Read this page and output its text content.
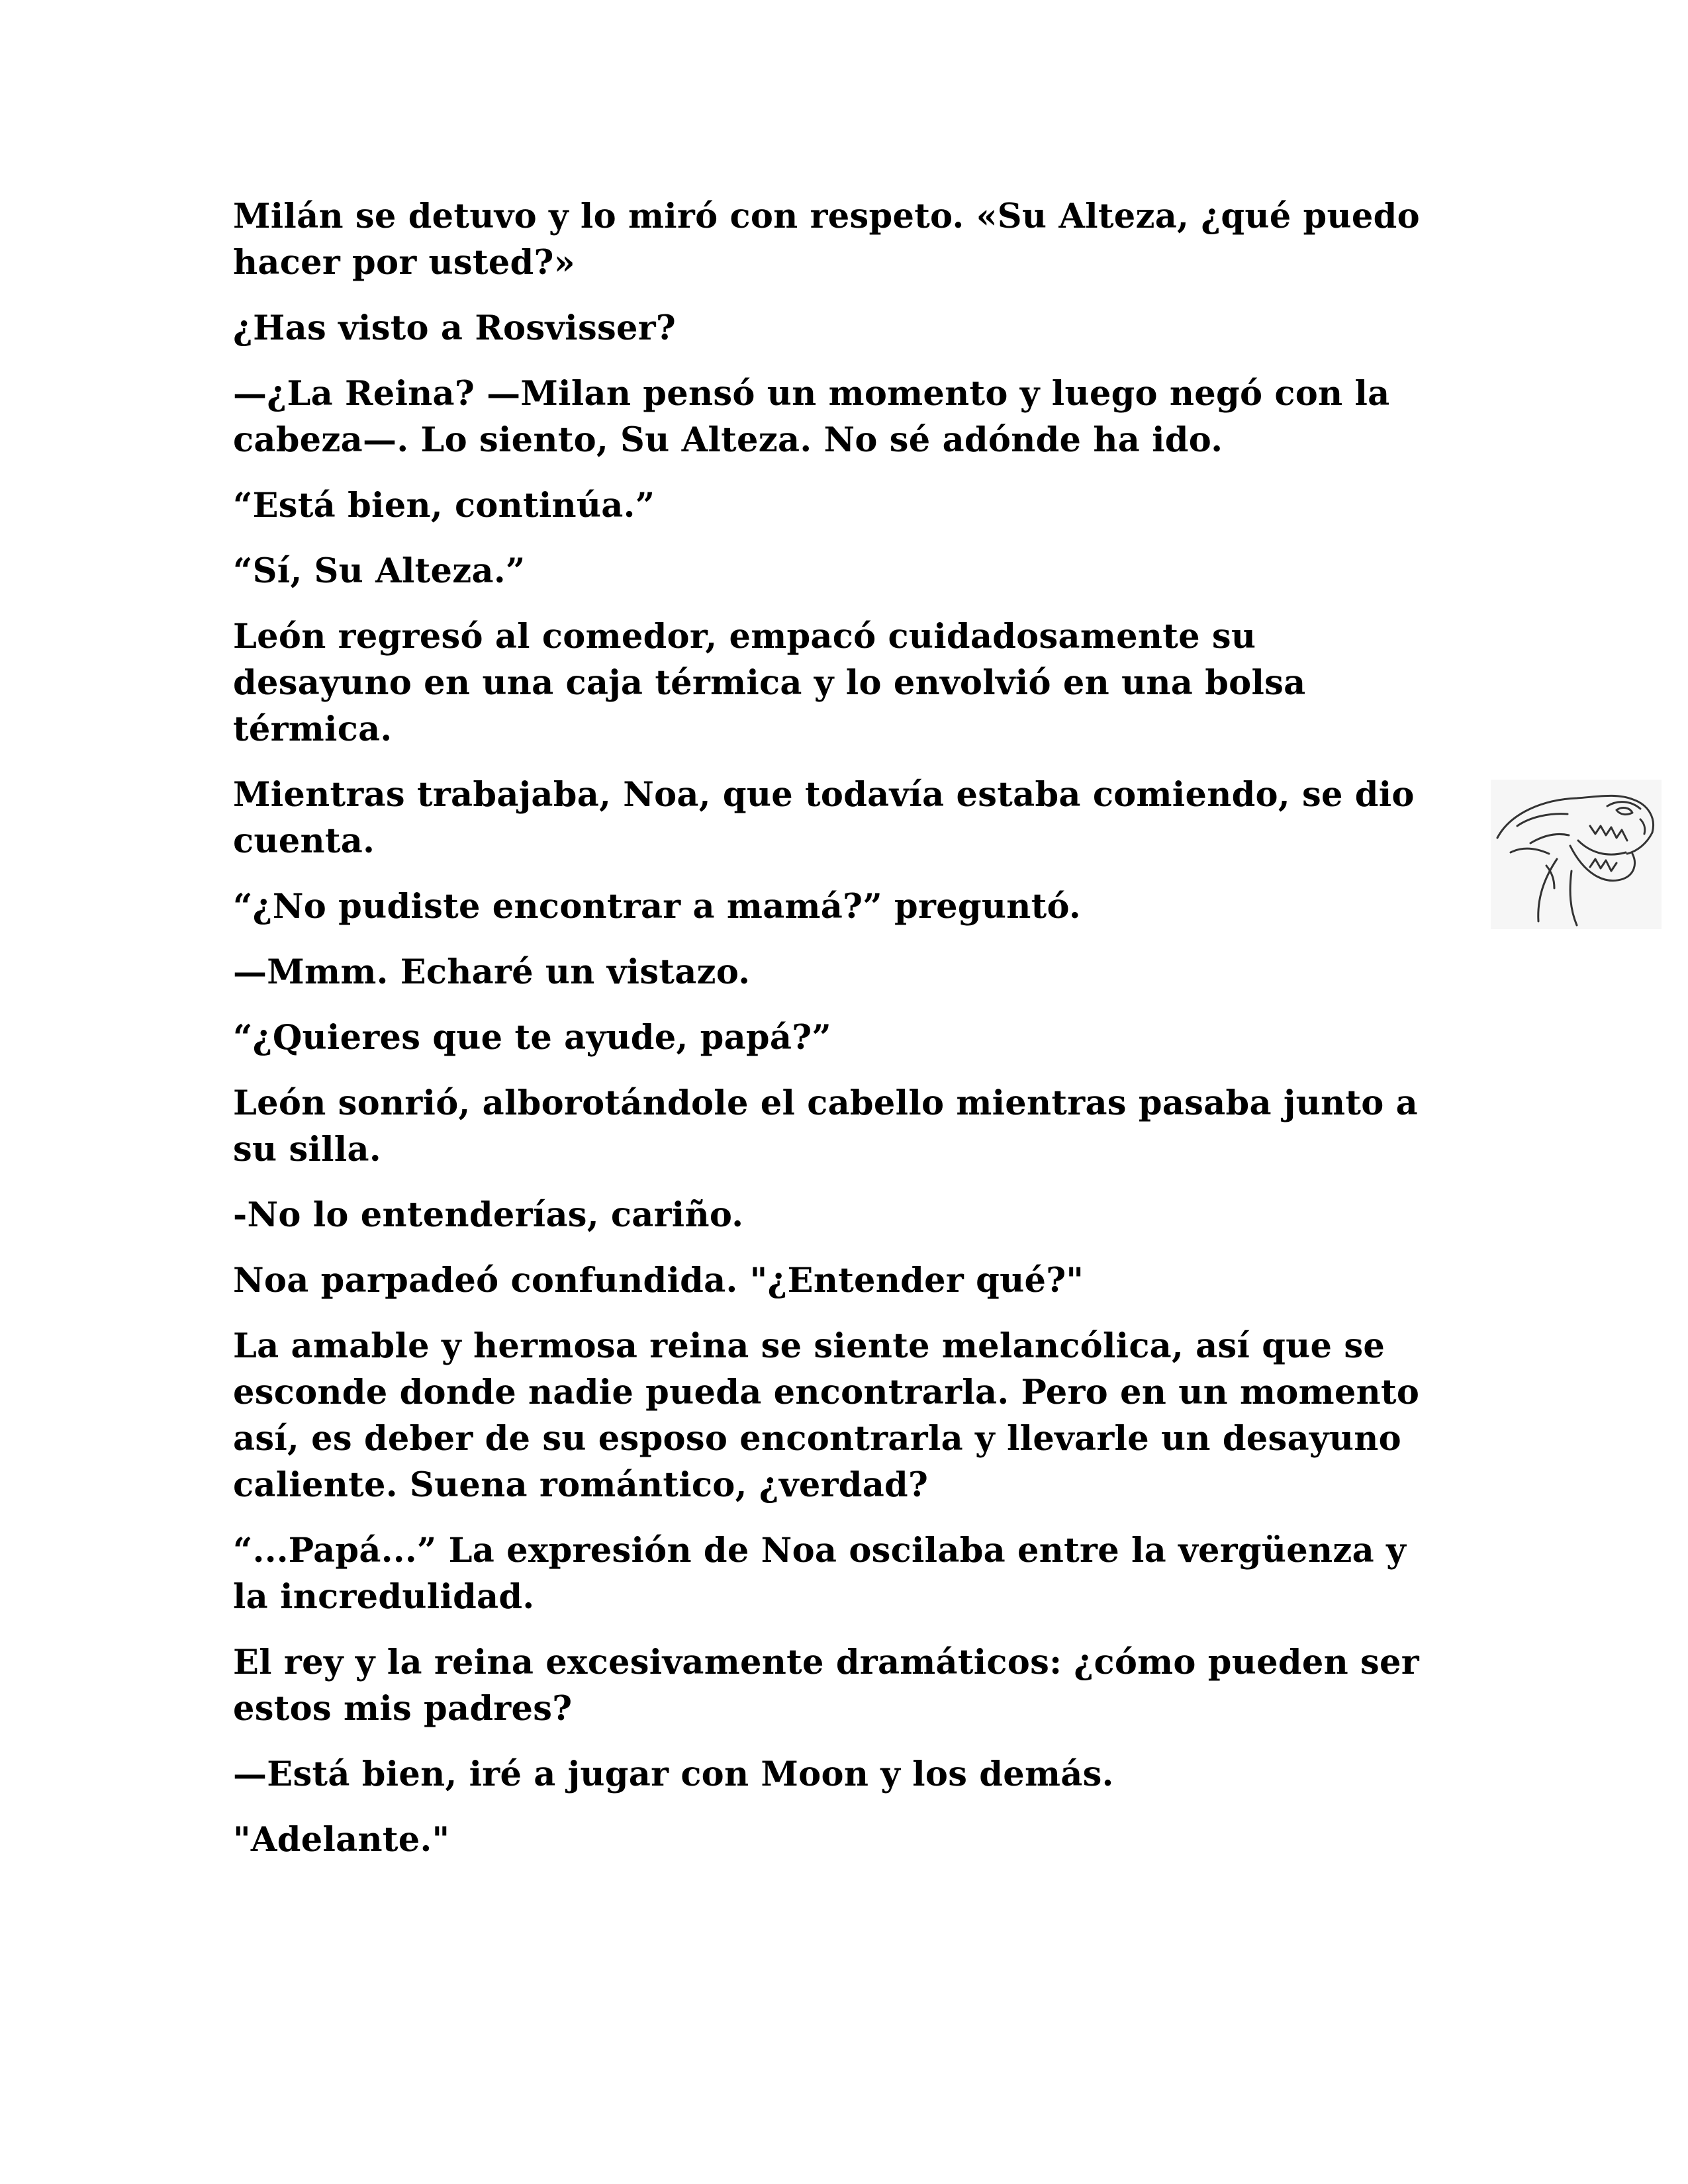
Milán se detuvo y lo miró con respeto. «Su Alteza, ¿qué puedo
hacer por usted?»

¿Has visto a Rosvisser?

—¿La Reina? —Milan pensó un momento y luego negó con la
cabeza—. Lo siento, Su Alteza. No sé adónde ha ido.

“Está bien, continúa.”

“Sí, Su Alteza.”

León regresó al comedor, empacó cuidadosamente su
desayuno en una caja térmica y lo envolvió en una bolsa
térmica.

Mientras trabajaba, Noa, que todavía estaba comiendo, se dio
cuenta.

“¿No pudiste encontrar a mamá?” preguntó.

—Mmm. Echaré un vistazo.

“¿Quieres que te ayude, papá?”

León sonrió, alborotándole el cabello mientras pasaba junto a
su silla.

-No lo entenderías, cariño.

Noa parpadeó confundida. "¿Entender qué?"

La amable y hermosa reina se siente melancólica, así que se
esconde donde nadie pueda encontrarla. Pero en un momento
así, es deber de su esposo encontrarla y llevarle un desayuno
caliente. Suena romántico, ¿verdad?

“...Papá...” La expresión de Noa oscilaba entre la vergüenza y
la incredulidad.

El rey y la reina excesivamente dramáticos: ¿cómo pueden ser
estos mis padres?

—Está bien, iré a jugar con Moon y los demás.

"Adelante."
